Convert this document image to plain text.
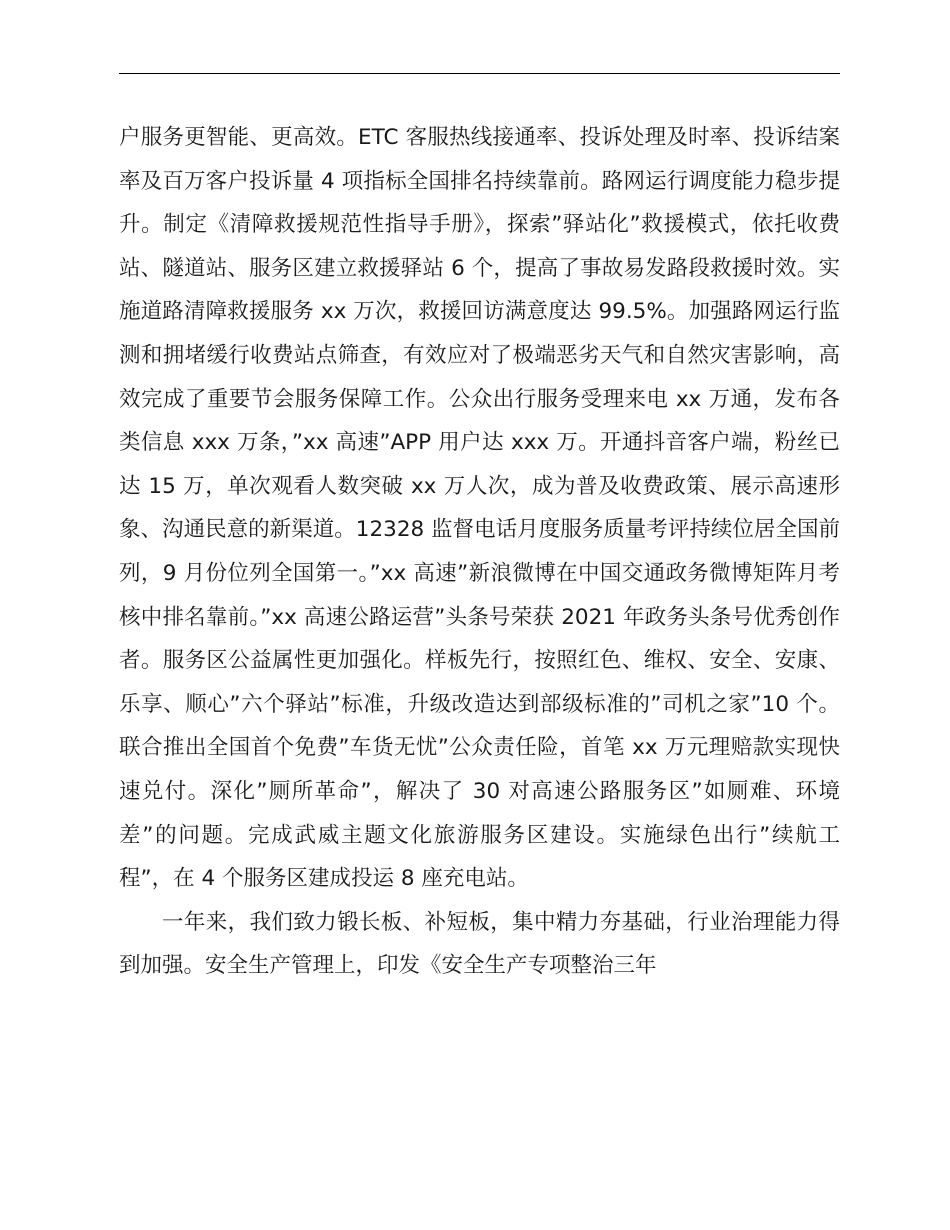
户服务更智能、更高效。ETC 客服热线接通率、投诉处理及时率、投诉结案率及百万客户投诉量 4 项指标全国排名持续靠前。路网运行调度能力稳步提升。制定《清障救援规范性指导手册》，探索”驿站化”救援模式，依托收费站、隧道站、服务区建立救援驿站 6 个，提高了事故易发路段救援时效。实施道路清障救援服务 xx 万次，救援回访满意度达 99.5%。加强路网运行监测和拥堵缓行收费站点筛查，有效应对了极端恶劣天气和自然灾害影响，高效完成了重要节会服务保障工作。公众出行服务受理来电 xx 万通，发布各类信息 xxx 万条，”xx 高速”APP 用户达 xxx 万。开通抖音客户端，粉丝已达 15 万，单次观看人数突破 xx 万人次，成为普及收费政策、展示高速形象、沟通民意的新渠道。12328 监督电话月度服务质量考评持续位居全国前列，9 月份位列全国第一。”xx 高速”新浪微博在中国交通政务微博矩阵月考核中排名靠前。”xx 高速公路运营”头条号荣获 2021 年政务头条号优秀创作者。服务区公益属性更加强化。样板先行，按照红色、维权、安全、安康、乐享、顺心”六个驿站”标准，升级改造达到部级标准的”司机之家”10 个。联合推出全国首个免费”车货无忧”公众责任险，首笔 xx 万元理赔款实现快速兑付。深化”厕所革命”，解决了 30 对高速公路服务区”如厕难、环境差”的问题。完成武威主题文化旅游服务区建设。实施绿色出行”续航工程”，在 4 个服务区建成投运 8 座充电站。

一年来，我们致力锻长板、补短板，集中精力夯基础，行业治理能力得到加强。安全生产管理上，印发《安全生产专项整治三年
